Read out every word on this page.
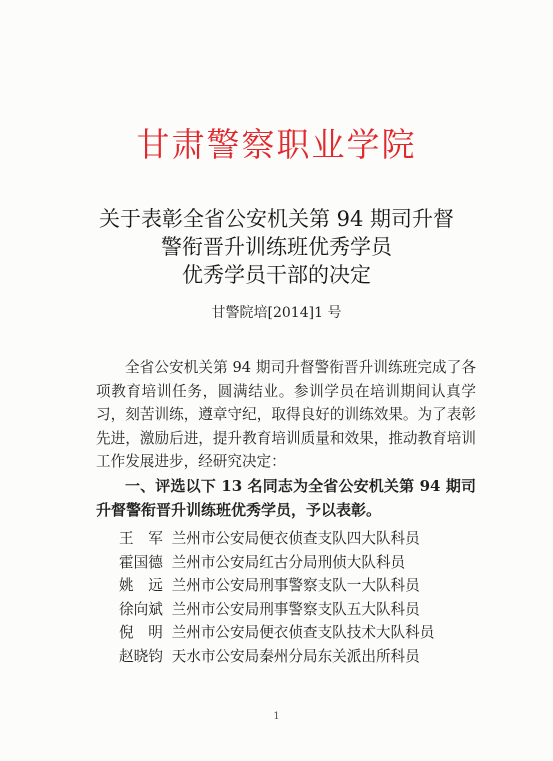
甘肃警察职业学院
关于表彰全省公安机关第 94 期司升督
警衔晋升训练班优秀学员
优秀学员干部的决定
甘警院培[2014]1 号
全省公安机关第 94 期司升督警衔晋升训练班完成了各项教育培训任务，圆满结业。参训学员在培训期间认真学习，刻苦训练，遵章守纪，取得良好的训练效果。为了表彰先进，激励后进，提升教育培训质量和效果，推动教育培训工作发展进步，经研究决定：
一、评选以下 13 名同志为全省公安机关第 94 期司升督警衔晋升训练班优秀学员，予以表彰。
王　军 兰州市公安局便衣侦查支队四大队科员
霍国德 兰州市公安局红古分局刑侦大队科员
姚　远 兰州市公安局刑事警察支队一大队科员
徐向斌 兰州市公安局刑事警察支队五大队科员
倪　明 兰州市公安局便衣侦查支队技术大队科员
赵晓钧 天水市公安局秦州分局东关派出所科员
1
